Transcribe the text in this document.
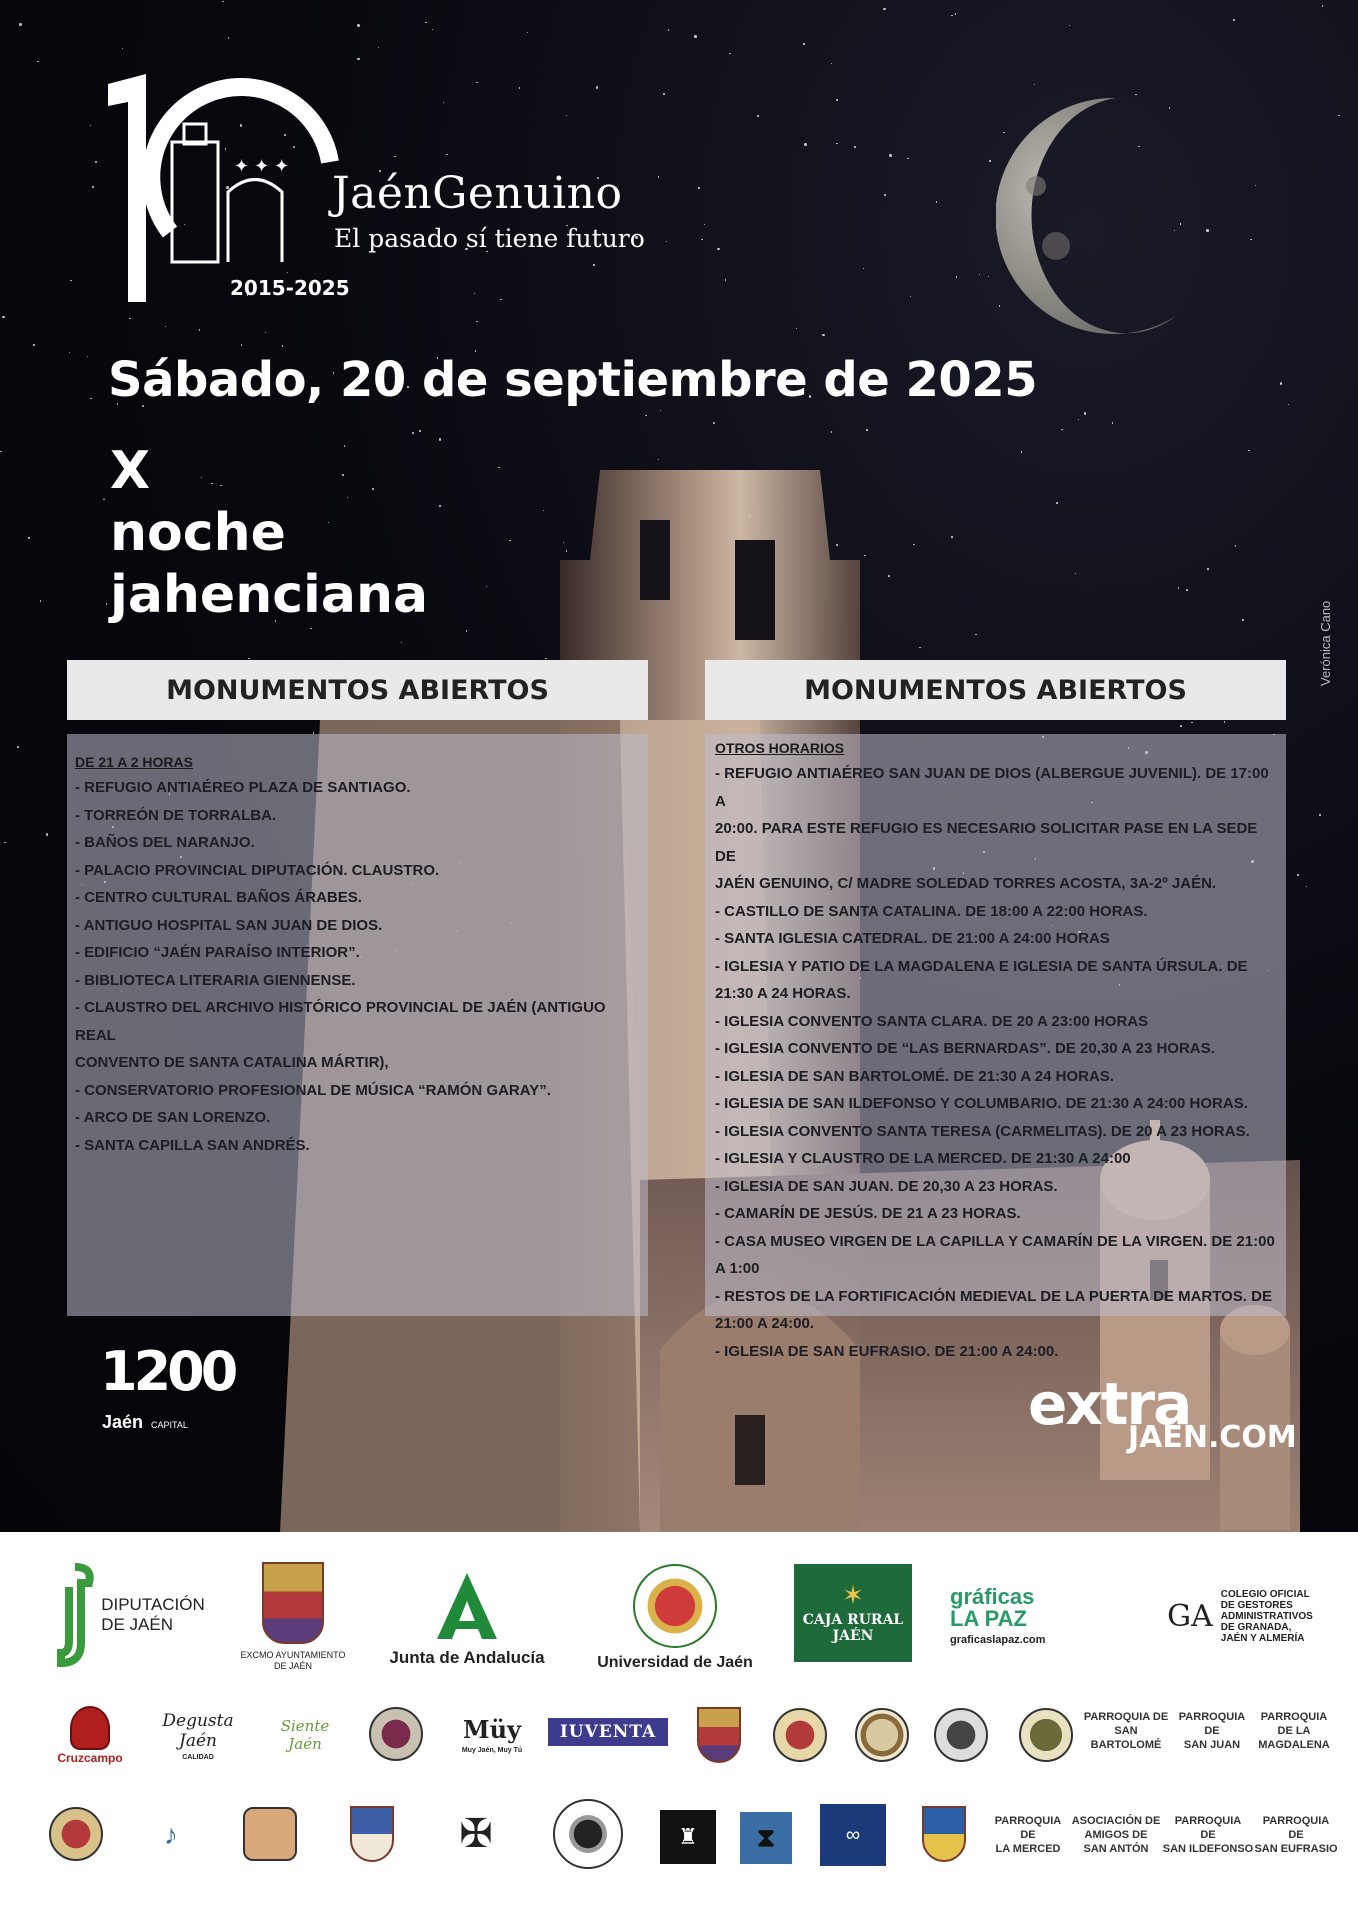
✦ ✦ ✦
JaénGenuino
El pasado sí tiene futuro
2015-2025
Sábado, 20 de septiembre de 2025
X
noche
jahenciana
Verónica Cano
MONUMENTOS ABIERTOS	MONUMENTOS ABIERTOS
DE 21 A 2 HORAS
- REFUGIO ANTIAÉREO PLAZA DE SANTIAGO.
- TORREÓN DE TORRALBA.
- BAÑOS DEL NARANJO.
- PALACIO PROVINCIAL DIPUTACIÓN. CLAUSTRO.
- CENTRO CULTURAL BAÑOS ÁRABES.
- ANTIGUO HOSPITAL SAN JUAN DE DIOS.
- EDIFICIO “JAÉN PARAÍSO INTERIOR”.
- BIBLIOTECA LITERARIA GIENNENSE.
- CLAUSTRO DEL ARCHIVO HISTÓRICO PROVINCIAL DE JAÉN (ANTIGUO REAL
CONVENTO DE SANTA CATALINA MÁRTIR),
- CONSERVATORIO PROFESIONAL DE MÚSICA “RAMÓN GARAY”.
- ARCO DE SAN LORENZO.
- SANTA CAPILLA SAN ANDRÉS.
OTROS HORARIOS
- REFUGIO ANTIAÉREO SAN JUAN DE DIOS (ALBERGUE JUVENIL). DE 17:00 A
20:00. PARA ESTE REFUGIO ES NECESARIO SOLICITAR PASE EN LA SEDE DE
JAÉN GENUINO, C/ MADRE SOLEDAD TORRES ACOSTA, 3A-2º JAÉN.
- CASTILLO DE SANTA CATALINA. DE 18:00 A 22:00 HORAS.
- SANTA IGLESIA CATEDRAL. DE 21:00 A 24:00 HORAS
- IGLESIA Y PATIO DE LA MAGDALENA E IGLESIA DE SANTA ÚRSULA. DE
21:30 A 24 HORAS.
- IGLESIA CONVENTO SANTA CLARA. DE 20 A 23:00 HORAS
- IGLESIA CONVENTO DE “LAS BERNARDAS”. DE 20,30 A 23 HORAS.
- IGLESIA DE SAN BARTOLOMÉ. DE 21:30 A 24 HORAS.
- IGLESIA DE SAN ILDEFONSO Y COLUMBARIO. DE 21:30 A 24:00 HORAS.
- IGLESIA CONVENTO SANTA TERESA (CARMELITAS). DE 20 A 23 HORAS.
- IGLESIA Y CLAUSTRO DE LA MERCED. DE 21:30 A 24:00
- IGLESIA DE SAN JUAN. DE 20,30 A 23 HORAS.
- CAMARÍN DE JESÚS. DE 21 A 23 HORAS.
- CASA MUSEO VIRGEN DE LA CAPILLA Y CAMARÍN DE LA VIRGEN. DE 21:00
A 1:00
- RESTOS DE LA FORTIFICACIÓN MEDIEVAL DE LA PUERTA DE MARTOS. DE
21:00 A 24:00.
- IGLESIA DE SAN EUFRASIO. DE 21:00 A 24:00.
1200
Jaén CAPITAL	extra
JAÉN.COM
DIPUTACIÓN
DE JAÉN
EXCMO AYUNTAMIENTO
DE JAÉN	Junta de Andalucía	Universidad de Jaén
✶
CAJA RURAL
JAÉN
gráficas
LA PAZ
graficaslapaz.com
GA
COLEGIO OFICIAL
DE GESTORES
ADMINISTRATIVOS
DE GRANADA,
JAÉN Y ALMERÍA
Cruzcampo
Degusta Jaén
CALIDAD
Siente Jaén	Müy
Muy Jaén, Muy Tú
IUVENTA
PARROQUIA DE
SAN
BARTOLOMÉ
PARROQUIA
DE
SAN JUAN
PARROQUIA
DE LA
MAGDALENA
♪	✠	♜ ⧗	∞
PARROQUIA
DE
LA MERCED
ASOCIACIÓN DE
AMIGOS DE
SAN ANTÓN
PARROQUIA
DE
SAN ILDEFONSO
PARROQUIA
DE
SAN EUFRASIO
